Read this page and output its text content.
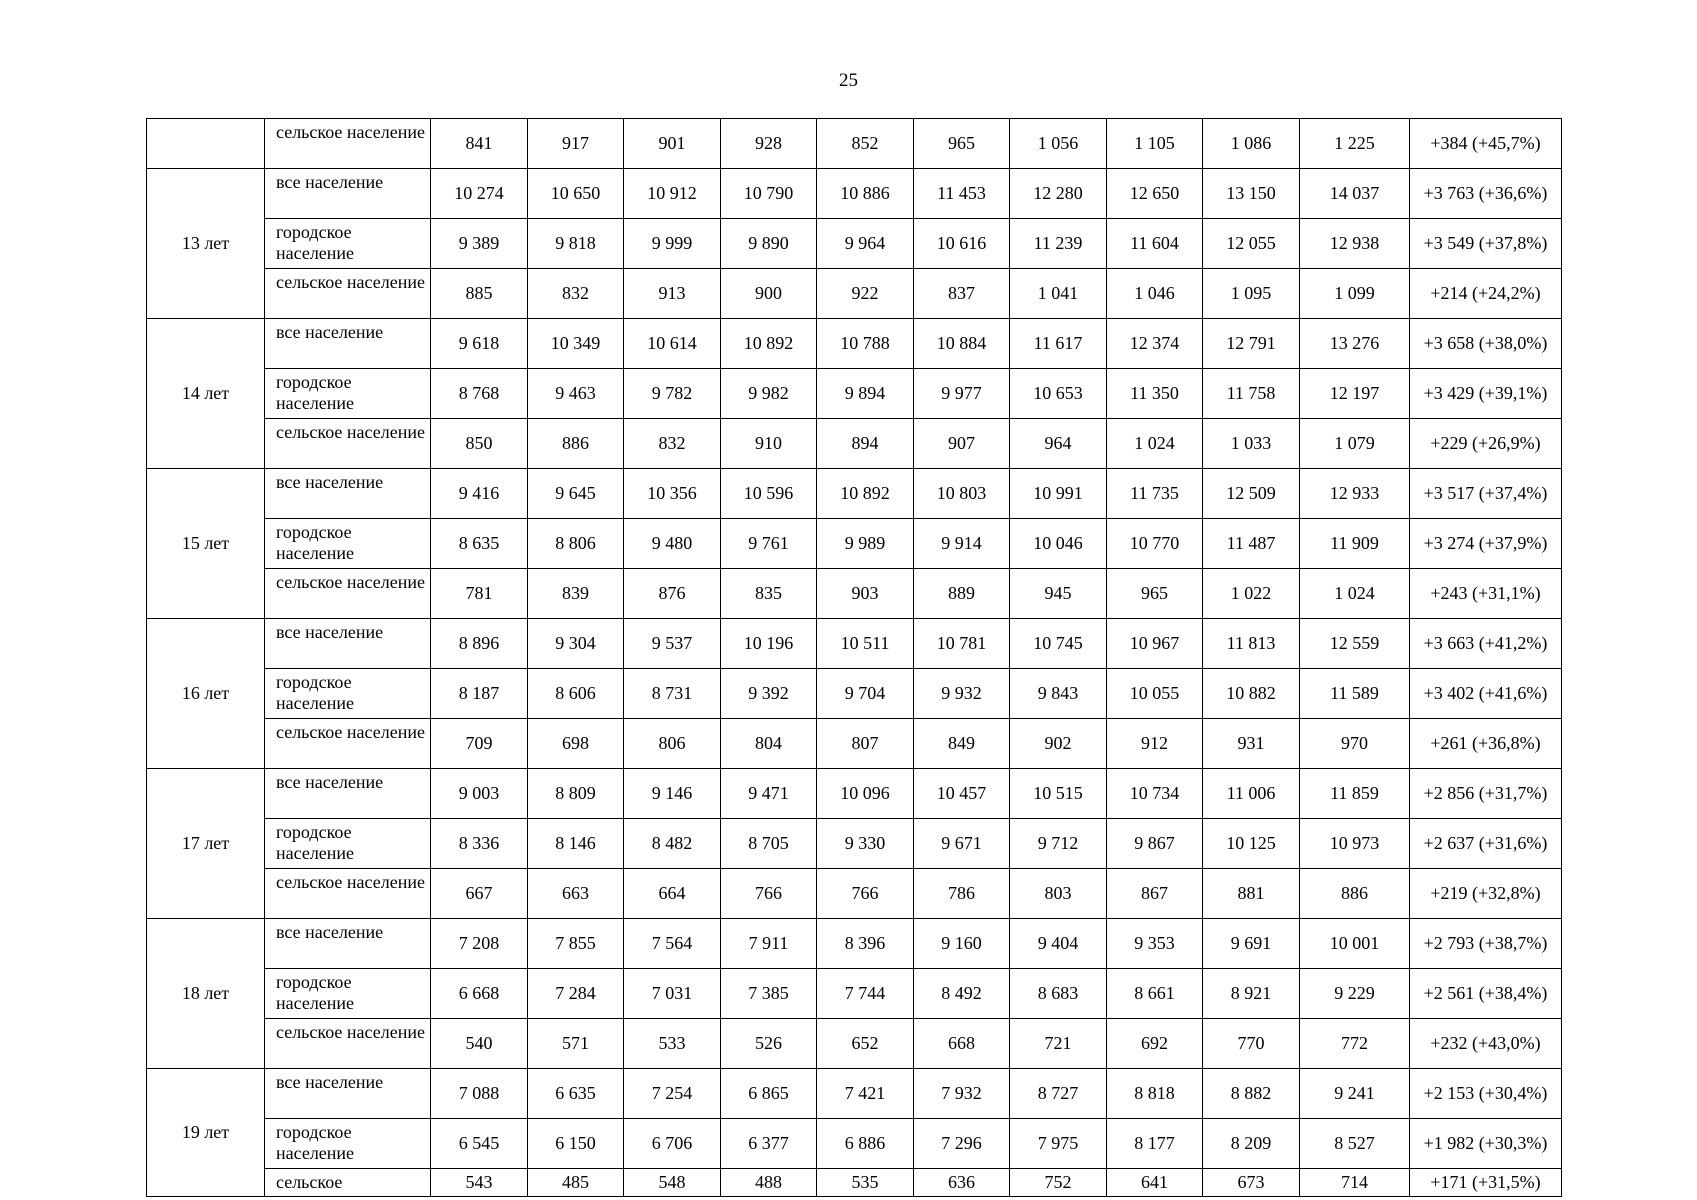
25
	сельское население	841	917	901	928	852	965	1 056	1 105	1 086	1 225	+384 (+45,7%)
13 лет	все население	10 274	10 650	10 912	10 790	10 886	11 453	12 280	12 650	13 150	14 037	+3 763 (+36,6%)
	городское население	9 389	9 818	9 999	9 890	9 964	10 616	11 239	11 604	12 055	12 938	+3 549 (+37,8%)
	сельское население	885	832	913	900	922	837	1 041	1 046	1 095	1 099	+214 (+24,2%)
14 лет	все население	9 618	10 349	10 614	10 892	10 788	10 884	11 617	12 374	12 791	13 276	+3 658 (+38,0%)
	городское население	8 768	9 463	9 782	9 982	9 894	9 977	10 653	11 350	11 758	12 197	+3 429 (+39,1%)
	сельское население	850	886	832	910	894	907	964	1 024	1 033	1 079	+229 (+26,9%)
15 лет	все население	9 416	9 645	10 356	10 596	10 892	10 803	10 991	11 735	12 509	12 933	+3 517 (+37,4%)
	городское население	8 635	8 806	9 480	9 761	9 989	9 914	10 046	10 770	11 487	11 909	+3 274 (+37,9%)
	сельское население	781	839	876	835	903	889	945	965	1 022	1 024	+243 (+31,1%)
16 лет	все население	8 896	9 304	9 537	10 196	10 511	10 781	10 745	10 967	11 813	12 559	+3 663 (+41,2%)
	городское население	8 187	8 606	8 731	9 392	9 704	9 932	9 843	10 055	10 882	11 589	+3 402 (+41,6%)
	сельское население	709	698	806	804	807	849	902	912	931	970	+261 (+36,8%)
17 лет	все население	9 003	8 809	9 146	9 471	10 096	10 457	10 515	10 734	11 006	11 859	+2 856 (+31,7%)
	городское население	8 336	8 146	8 482	8 705	9 330	9 671	9 712	9 867	10 125	10 973	+2 637 (+31,6%)
	сельское население	667	663	664	766	766	786	803	867	881	886	+219 (+32,8%)
18 лет	все население	7 208	7 855	7 564	7 911	8 396	9 160	9 404	9 353	9 691	10 001	+2 793 (+38,7%)
	городское население	6 668	7 284	7 031	7 385	7 744	8 492	8 683	8 661	8 921	9 229	+2 561 (+38,4%)
	сельское население	540	571	533	526	652	668	721	692	770	772	+232 (+43,0%)
19 лет	все население	7 088	6 635	7 254	6 865	7 421	7 932	8 727	8 818	8 882	9 241	+2 153 (+30,4%)
	городское население	6 545	6 150	6 706	6 377	6 886	7 296	7 975	8 177	8 209	8 527	+1 982 (+30,3%)
	сельское	543	485	548	488	535	636	752	641	673	714	+171 (+31,5%)
